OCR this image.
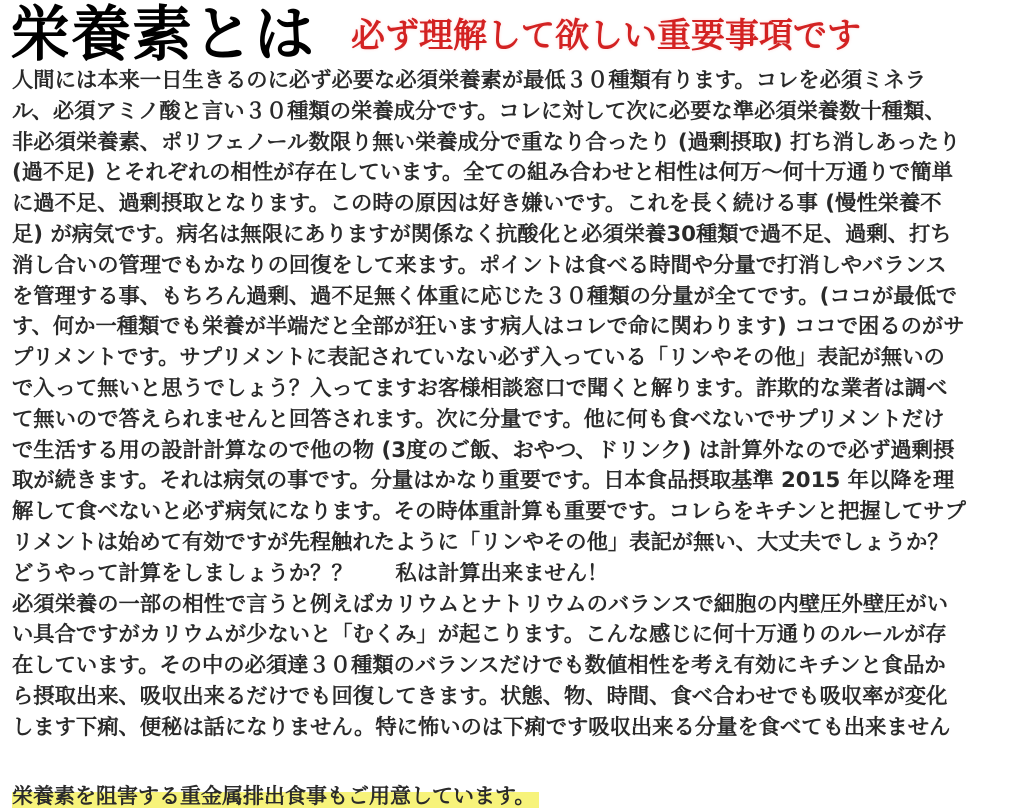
栄養素とは 必ず理解して欲しい重要事項です

人間には本来一日生きるのに必ず必要な必須栄養素が最低３０種類有ります。コレを必須ミネラ
ル、必須アミノ酸と言い３０種類の栄養成分です。コレに対して次に必要な準必須栄養数十種類、
非必須栄養素、ポリフェノール数限り無い栄養成分で重なり合ったり (過剰摂取) 打ち消しあったり
(過不足) とそれぞれの相性が存在しています。全ての組み合わせと相性は何万〜何十万通りで簡単
に過不足、過剰摂取となります。この時の原因は好き嫌いです。これを長く続ける事 (慢性栄養不
足) が病気です。病名は無限にありますが関係なく抗酸化と必須栄養30種類で過不足、過剰、打ち
消し合いの管理でもかなりの回復をして来ます。ポイントは食べる時間や分量で打消しやバランス
を管理する事、もちろん過剰、過不足無く体重に応じた３０種類の分量が全てです。(ココが最低で
す、何か一種類でも栄養が半端だと全部が狂います病人はコレで命に関わります) ココで困るのがサ
プリメントです。サプリメントに表記されていない必ず入っている「リンやその他」表記が無いの
で入って無いと思うでしょう？入ってますお客様相談窓口で聞くと解ります。詐欺的な業者は調べ
て無いので答えられませんと回答されます。次に分量です。他に何も食べないでサプリメントだけ
で生活する用の設計計算なので他の物 (3度のご飯、おやつ、ドリンク) は計算外なので必ず過剰摂
取が続きます。それは病気の事です。分量はかなり重要です。日本食品摂取基準 2015 年以降を理
解して食べないと必ず病気になります。その時体重計算も重要です。コレらをキチンと把握してサプ
リメントは始めて有効ですが先程触れたように「リンやその他」表記が無い、大丈夫でしょうか？
どうやって計算をしましょうか？？　　私は計算出来ません！
必須栄養の一部の相性で言うと例えばカリウムとナトリウムのバランスで細胞の内壁圧外壁圧がい
い具合ですがカリウムが少ないと「むくみ」が起こります。こんな感じに何十万通りのルールが存
在しています。その中の必須達３０種類のバランスだけでも数値相性を考え有効にキチンと食品か
ら摂取出来、吸収出来るだけでも回復してきます。状態、物、時間、食べ合わせでも吸収率が変化
します下痢、便秘は話になりません。特に怖いのは下痢です吸収出来る分量を食べても出来ません

栄養素を阻害する重金属排出食事もご用意しています。
